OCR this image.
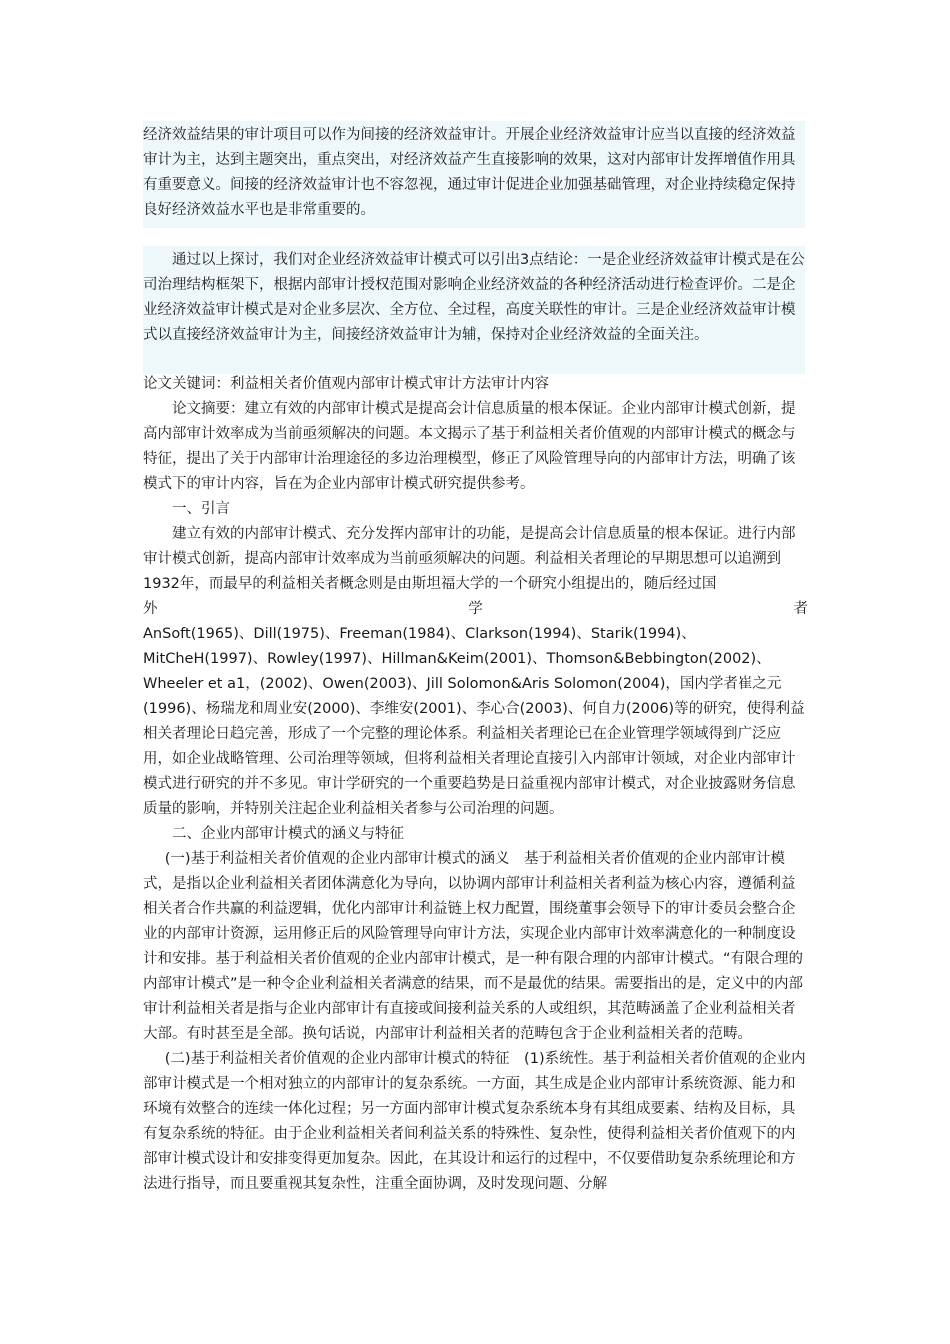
经济效益结果的审计项目可以作为间接的经济效益审计。开展企业经济效益审计应当以直接的经济效益审计为主，达到主题突出，重点突出，对经济效益产生直接影响的效果，这对内部审计发挥增值作用具有重要意义。间接的经济效益审计也不容忽视，通过审计促进企业加强基础管理，对企业持续稳定保持良好经济效益水平也是非常重要的。

通过以上探讨，我们对企业经济效益审计模式可以引出3点结论：一是企业经济效益审计模式是在公司治理结构框架下，根据内部审计授权范围对影响企业经济效益的各种经济活动进行检查评价。二是企业经济效益审计模式是对企业多层次、全方位、全过程，高度关联性的审计。三是企业经济效益审计模式以直接经济效益审计为主，间接经济效益审计为辅，保持对企业经济效益的全面关注。

论文关键词：利益相关者价值观内部审计模式审计方法审计内容

论文摘要：建立有效的内部审计模式是提高会计信息质量的根本保证。企业内部审计模式创新，提高内部审计效率成为当前亟须解决的问题。本文揭示了基于利益相关者价值观的内部审计模式的概念与特征，提出了关于内部审计治理途径的多边治理模型，修正了风险管理导向的内部审计方法，明确了该模式下的审计内容，旨在为企业内部审计模式研究提供参考。

一、引言

建立有效的内部审计模式、充分发挥内部审计的功能，是提高会计信息质量的根本保证。进行内部审计模式创新，提高内部审计效率成为当前亟须解决的问题。利益相关者理论的早期思想可以追溯到1932年，而最早的利益相关者概念则是由斯坦福大学的一个研究小组提出的，随后经过国

外 学 者

AnSoft(1965)、Dill(1975)、Freeman(1984)、Clarkson(1994)、Starik(1994)、MitCheH(1997)、Rowley(1997)、Hillman&Keim(2001)、Thomson&Bebbington(2002)、Wheeler et a1，(2002)、Owen(2003)、Jill Solomon&Aris Solomon(2004)，国内学者崔之元(1996)、杨瑞龙和周业安(2000)、李维安(2001)、李心合(2003)、何自力(2006)等的研究，使得利益相关者理论日趋完善，形成了一个完整的理论体系。利益相关者理论已在企业管理学领域得到广泛应用，如企业战略管理、公司治理等领域，但将利益相关者理论直接引入内部审计领域，对企业内部审计模式进行研究的并不多见。审计学研究的一个重要趋势是日益重视内部审计模式，对企业披露财务信息质量的影响，并特别关注起企业利益相关者参与公司治理的问题。

二、企业内部审计模式的涵义与特征

(一)基于利益相关者价值观的企业内部审计模式的涵义　基于利益相关者价值观的企业内部审计模式，是指以企业利益相关者团体满意化为导向，以协调内部审计利益相关者利益为核心内容，遵循利益相关者合作共赢的利益逻辑，优化内部审计利益链上权力配置，围绕董事会领导下的审计委员会整合企业的内部审计资源，运用修正后的风险管理导向审计方法，实现企业内部审计效率满意化的一种制度设计和安排。基于利益相关者价值观的企业内部审计模式，是一种有限合理的内部审计模式。“有限合理的内部审计模式”是一种令企业利益相关者满意的结果，而不是最优的结果。需要指出的是，定义中的内部审计利益相关者是指与企业内部审计有直接或间接利益关系的人或组织，其范畴涵盖了企业利益相关者大部。有时甚至是全部。换句话说，内部审计利益相关者的范畴包含于企业利益相关者的范畴。

(二)基于利益相关者价值观的企业内部审计模式的特征　(1)系统性。基于利益相关者价值观的企业内部审计模式是一个相对独立的内部审计的复杂系统。一方面，其生成是企业内部审计系统资源、能力和环境有效整合的连续一体化过程；另一方面内部审计模式复杂系统本身有其组成要素、结构及目标，具有复杂系统的特征。由于企业利益相关者间利益关系的特殊性、复杂性，使得利益相关者价值观下的内部审计模式设计和安排变得更加复杂。因此，在其设计和运行的过程中，不仅要借助复杂系统理论和方法进行指导，而且要重视其复杂性，注重全面协调，及时发现问题、分解
